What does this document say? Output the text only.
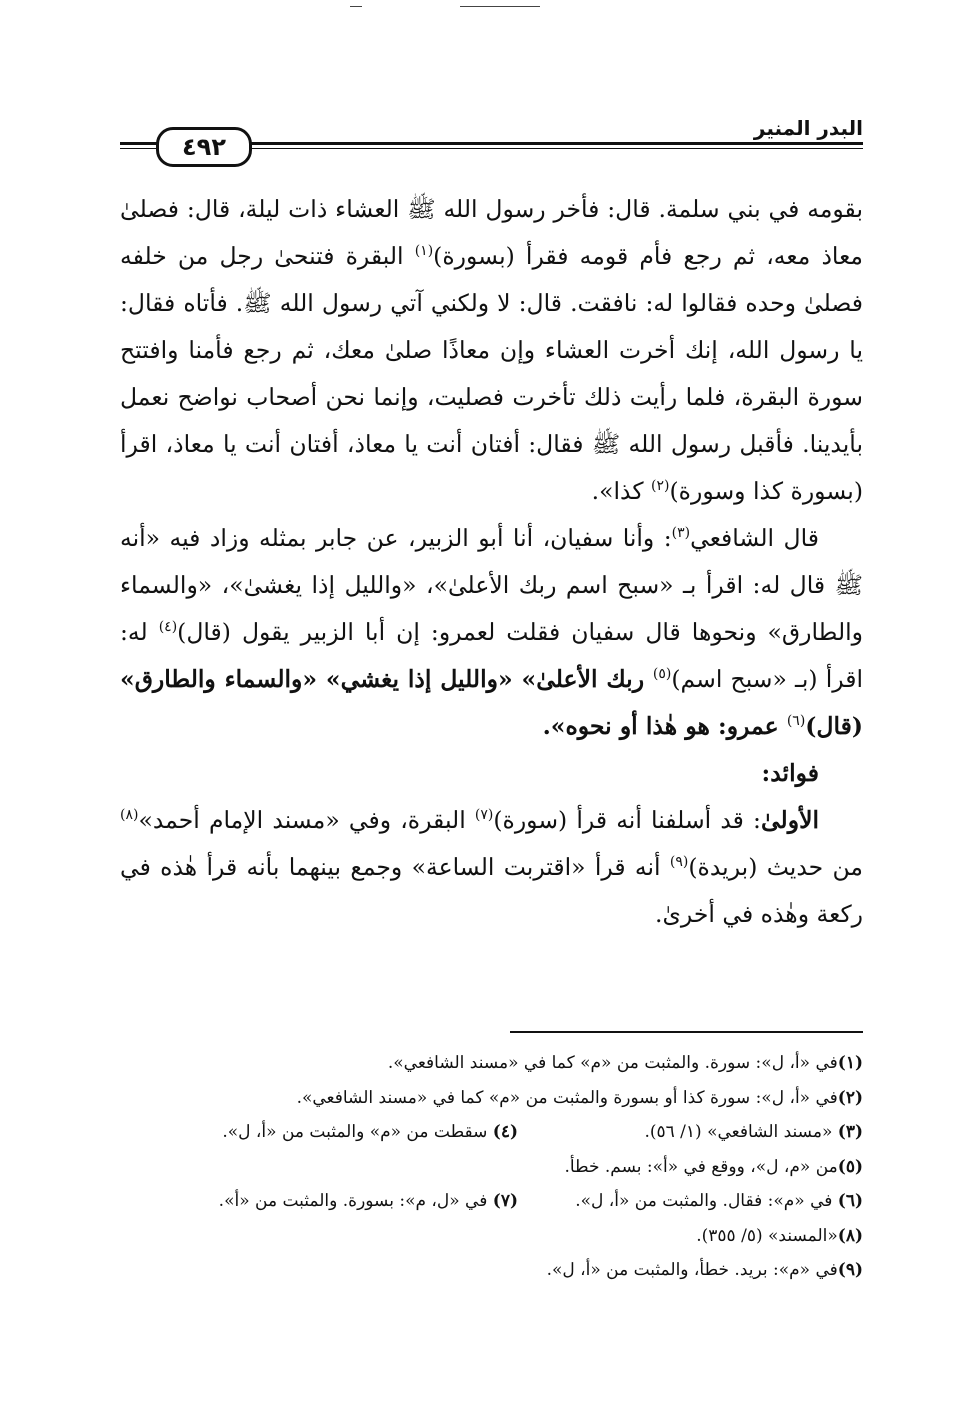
البدر المنير
٤٩٢

بقومه في بني سلمة. قال: فأخر رسول الله ﷺ العشاء ذات ليلة، قال: فصلىٰ معاذ معه، ثم رجع فأم قومه فقرأ (بسورة)$^{(١)}$ البقرة فتنحىٰ رجل من خلفه فصلىٰ وحده فقالوا له: نافقت. قال: لا ولكني آتي رسول الله ﷺ. فأتاه فقال: يا رسول الله، إنك أخرت العشاء وإن معاذًا صلىٰ معك، ثم رجع فأمنا وافتتح سورة البقرة، فلما رأيت ذلك تأخرت فصليت، وإنما نحن أصحاب نواضح نعمل بأيدينا. فأقبل رسول الله ﷺ فقال: أفتان أنت يا معاذ، أفتان أنت يا معاذ، اقرأ (بسورة كذا وسورة)$^{(٢)}$ كذا».

قال الشافعي$^{(٣)}$: وأنا سفيان، أنا أبو الزبير، عن جابر بمثله وزاد فيه «أنه ﷺ قال له: اقرأ بـ «سبح اسم ربك الأعلىٰ»، «والليل إذا يغشىٰ»، «والسماء والطارق» ونحوها قال سفيان فقلت لعمرو: إن أبا الزبير يقول (قال)$^{(٤)}$ له: اقرأ (بـ «سبح اسم)$^{(٥)}$ ربك الأعلىٰ» «والليل إذا يغشي» «والسماء والطارق» (قال)$^{(٦)}$ عمرو: هو هٰذا أو نحوه».

فوائد:

الأولىٰ: قد أسلفنا أنه قرأ (سورة)$^{(٧)}$ البقرة، وفي «مسند الإمام أحمد»$^{(٨)}$ من حديث (بريدة)$^{(٩)}$ أنه قرأ «اقتربت الساعة» وجمع بينهما بأنه قرأ هٰذه في ركعة وهٰذه في أخرىٰ.

(١)
في «أ، ل»: سورة. والمثبت من «م» كما في «مسند الشافعي».
(٢)
في «أ، ل»: سورة كذا أو بسورة والمثبت من «م» كما في «مسند الشافعي».
(٣) «مسند الشافعي» (١/ ٥٦).
(٤) سقطت من «م» والمثبت من «أ، ل».
(٥)
من «م، ل»، ووقع في «أ»: بسم. خطأ.
(٦) في «م»: فقال. والمثبت من «أ، ل».
(٧) في «ل، م»: بسورة. والمثبت من «أ».
(٨)
«المسند» (٥/ ٣٥٥).
(٩)
في «م»: بريد. خطأ، والمثبت من «أ، ل».
